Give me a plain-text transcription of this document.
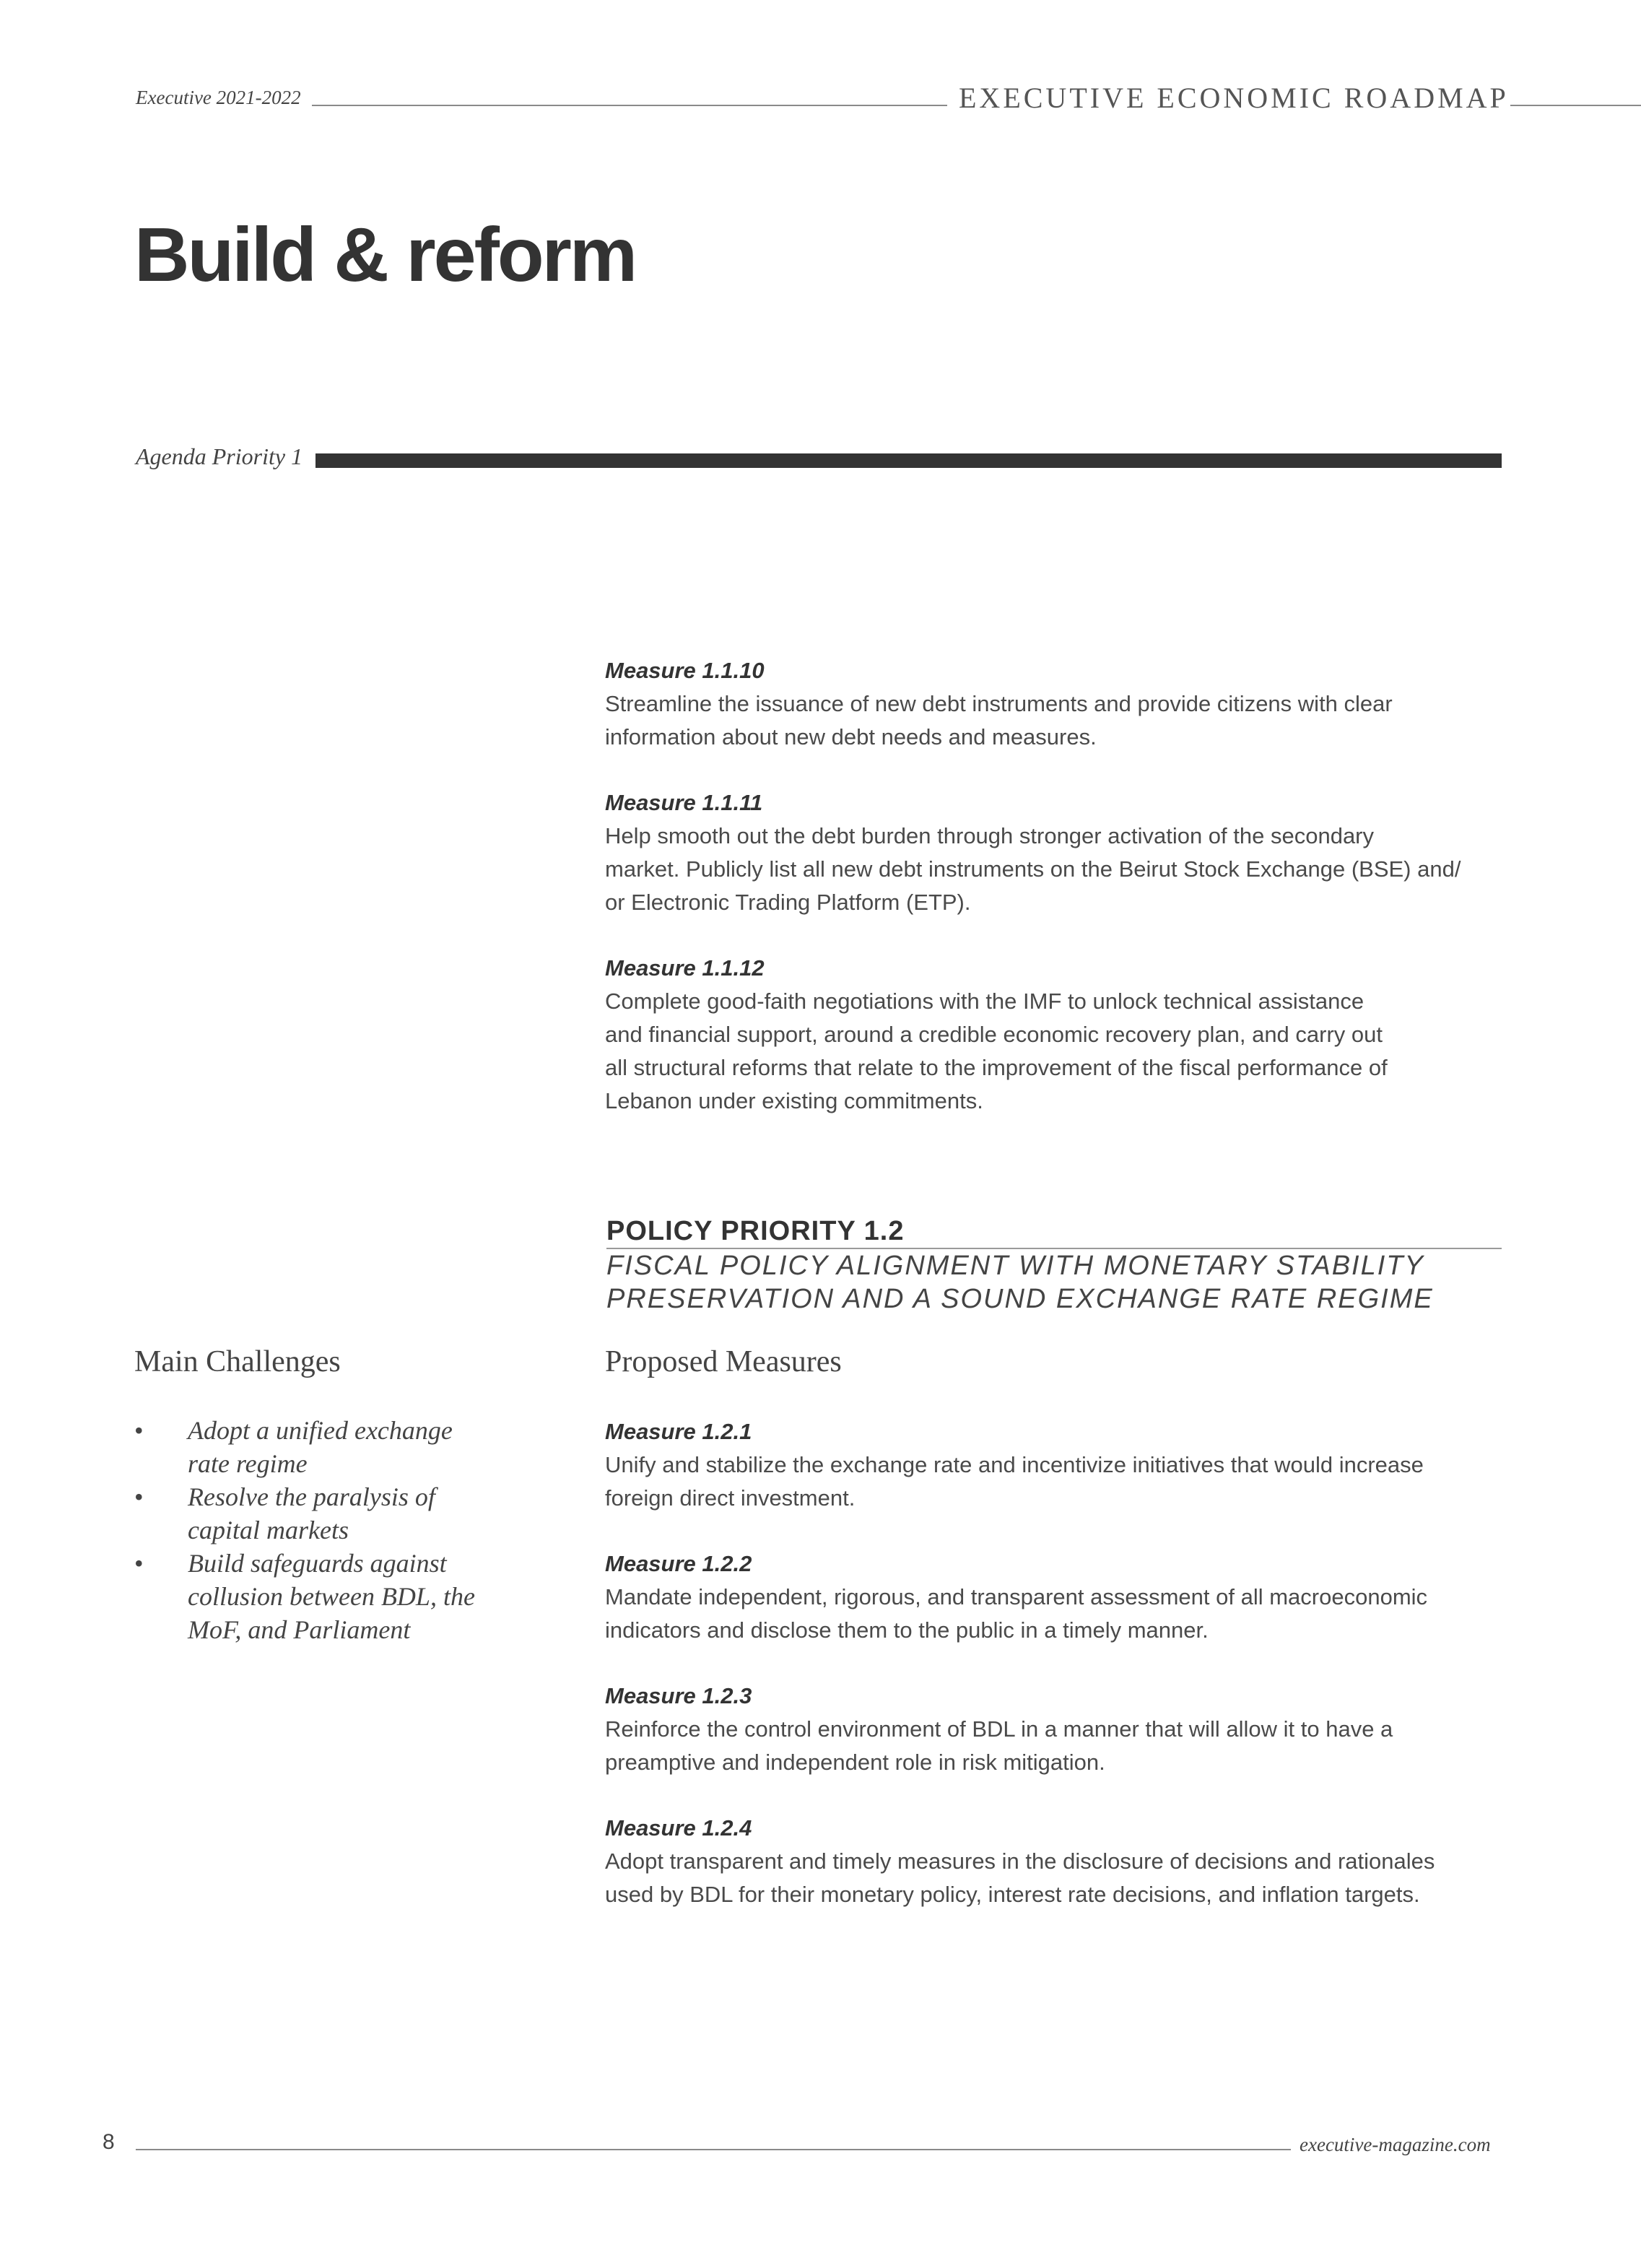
Executive 2021-2022	EXECUTIVE ECONOMIC ROADMAP
Build & reform
Agenda Priority 1
Measure 1.1.10
Streamline the issuance of new debt instruments and provide citizens with clear
information about new debt needs and measures.
Measure 1.1.11
Help smooth out the debt burden through stronger activation of the secondary
market. Publicly list all new debt instruments on the Beirut Stock Exchange (BSE) and/
or Electronic Trading Platform (ETP).
Measure 1.1.12
Complete good-faith negotiations with the IMF to unlock technical assistance
and financial support, around a credible economic recovery plan, and carry out
all structural reforms that relate to the improvement of the fiscal performance of
Lebanon under existing commitments.
POLICY PRIORITY 1.2
FISCAL POLICY ALIGNMENT WITH MONETARY STABILITY
PRESERVATION AND A SOUND EXCHANGE RATE REGIME
Main Challenges
• Adopt a unified exchange
rate regime
• Resolve the paralysis of
capital markets
• Build safeguards against
collusion between BDL, the
MoF, and Parliament
Proposed Measures
Measure 1.2.1
Unify and stabilize the exchange rate and incentivize initiatives that would increase
foreign direct investment.
Measure 1.2.2
Mandate independent, rigorous, and transparent assessment of all macroeconomic
indicators and disclose them to the public in a timely manner.
Measure 1.2.3
Reinforce the control environment of BDL in a manner that will allow it to have a
preamptive and independent role in risk mitigation.
Measure 1.2.4
Adopt transparent and timely measures in the disclosure of decisions and rationales
used by BDL for their monetary policy, interest rate decisions, and inflation targets.
8	executive-magazine.com
